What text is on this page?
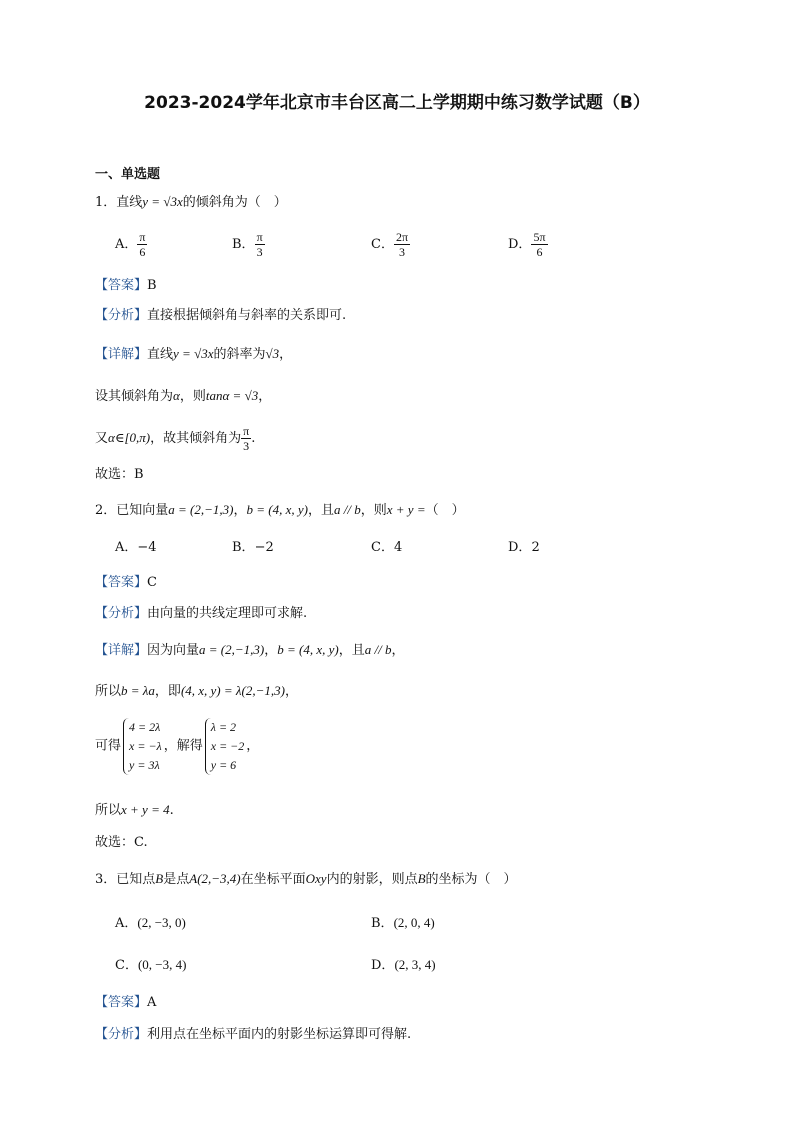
2023-2024学年北京市丰台区高二上学期期中练习数学试题（B）
一、单选题
1．直线y = √3x的倾斜角为（　）
A． $\frac{\pi}{6}$	B． $\frac{\pi}{3}$	C． $\frac{2\pi}{3}$	D． $\frac{5\pi}{6}$
【答案】B
【分析】直接根据倾斜角与斜率的关系即可.
【详解】直线y = √3x的斜率为√3，
设其倾斜角为α，则tanα = √3，
又α∈[0,π)，故其倾斜角为 $\frac{\pi}{3}$ .
故选：B
2．已知向量a = (2,−1,3)，b = (4, x, y)，且a // b，则x + y =（　）
A．−4	B．−2	C．4	D．2
【答案】C
【分析】由向量的共线定理即可求解.
【详解】因为向量a = (2,−1,3)，b = (4, x, y)，且a // b，
所以b = λa，即(4, x, y) = λ(2,−1,3)，
可得
4 = 2λ
x = −λ
y = 3λ
，解得
λ = 2
x = −2
y = 6
，
所以x + y = 4.
故选：C.
3．已知点B是点A(2,−3,4)在坐标平面Oxy内的射影，则点B的坐标为（　）
A．(2, −3, 0)	B．(2, 0, 4)
C．(0, −3, 4)	D．(2, 3, 4)
【答案】A
【分析】利用点在坐标平面内的射影坐标运算即可得解.
